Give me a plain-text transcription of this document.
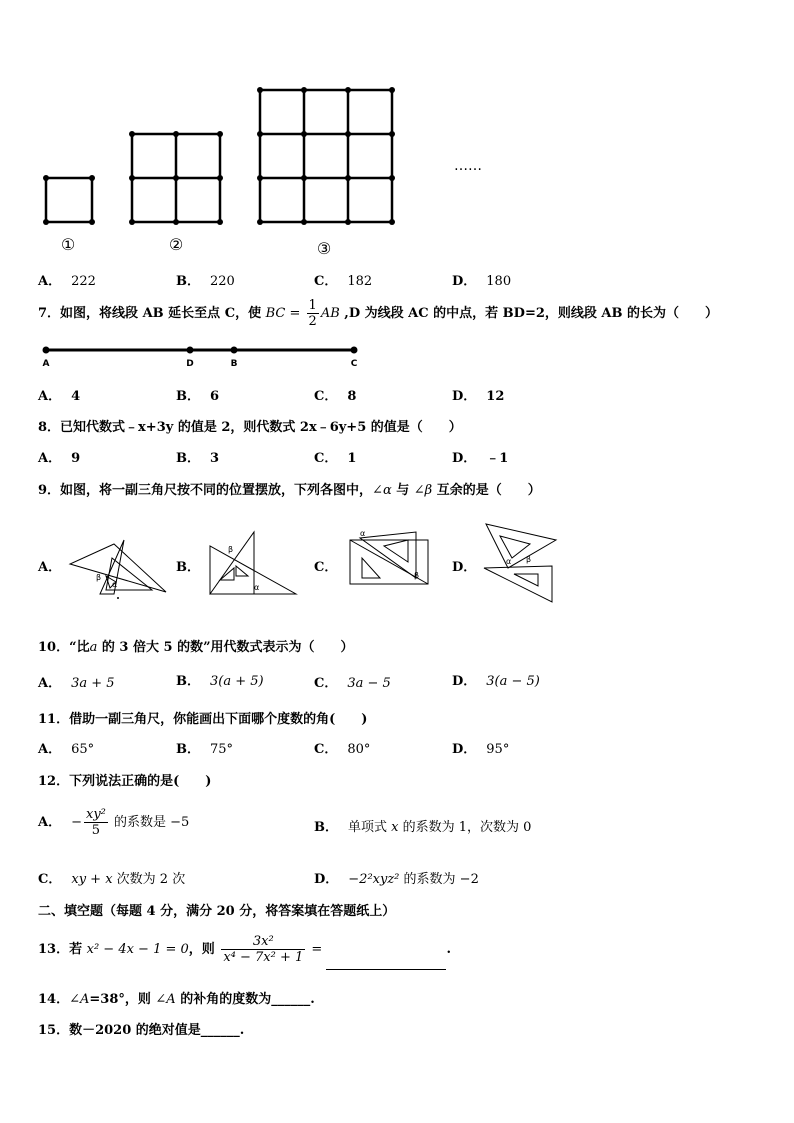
①	②	③
……
A． 222	B． 220	C． 182	D． 180
7．如图，将线段 AB 延长至点 C，使 BC = $\frac{1}{2}$ AB ,D 为线段 AC 的中点，若 BD=2，则线段 AB 的长为（　　）
A	D	B	C
A． 4	B． 6	C． 8	D． 12
8．已知代数式﹣x+3y 的值是 2，则代数式 2x﹣6y+5 的值是（　　）
A． 9	B． 3	C． 1	D． ﹣1
9．如图，将一副三角尺按不同的位置摆放，下列各图中，∠α 与 ∠β 互余的是（　　）
A．
β
α
B．
β
α
C．
α
β
D．	α β
10．“比a 的 3 倍大 5 的数”用代数式表示为（　　）
A． 3a + 5	B． 3(a + 5)	C． 3a − 5	D． 3(a − 5)
11．借助一副三角尺，你能画出下面哪个度数的角(　　)
A． 65°	B． 75°	C． 80°	D． 95°
12．下列说法正确的是(　　)
A． − $\frac{\text{xy²}}{5}$ 的系数是 −5	B． 单项式 x 的系数为 1，次数为 0
C． xy + x 次数为 2 次	D． −2²xyz² 的系数为 −2
二、填空题（每题 4 分，满分 20 分，将答案填在答题纸上）
13．若 x² − 4x − 1 = 0，则 $\frac{\text{3x²}}{\text{x⁴ − 7x² + 1}}$ =	.
14．∠A=38°，则 ∠A 的补角的度数为______.
15．数－2020 的绝对值是______.
